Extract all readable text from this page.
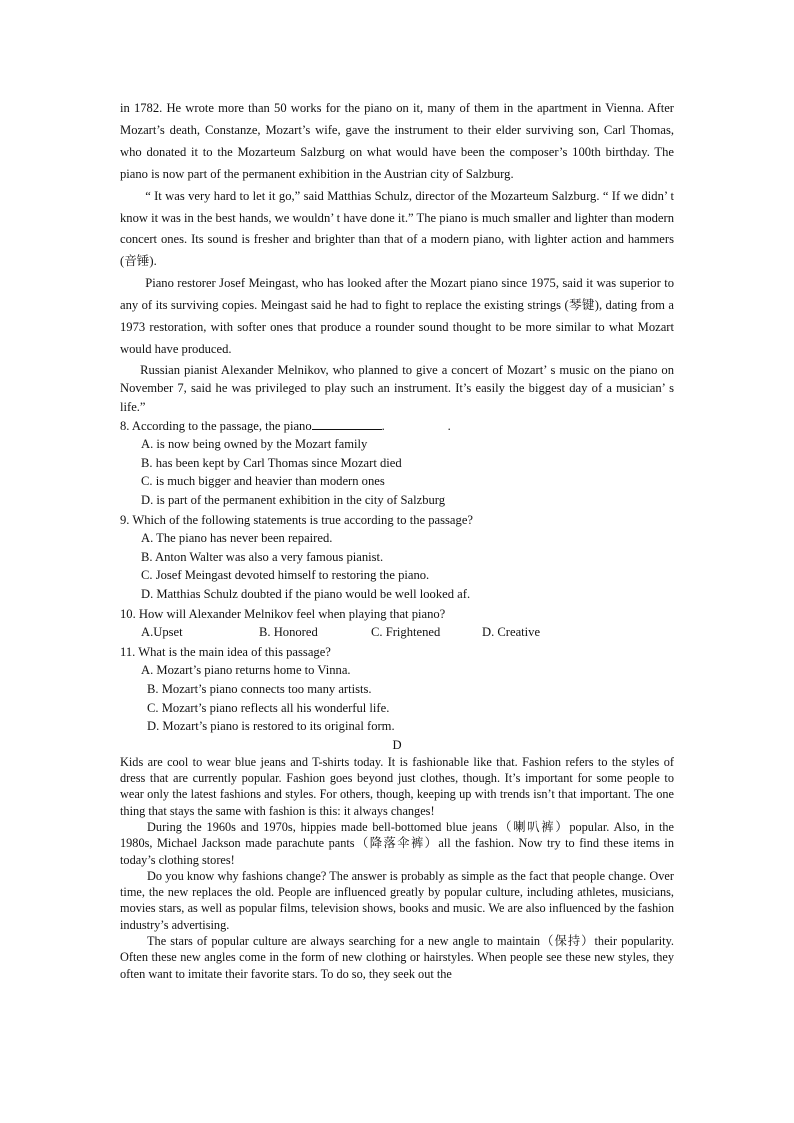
in 1782. He wrote more than 50 works for the piano on it, many of them in the apartment in Vienna. After Mozart’s death, Constanze, Mozart’s wife, gave the instrument to their elder surviving son, Carl Thomas, who donated it to the Mozarteum Salzburg on what would have been the composer’s 100th birthday. The piano is now part of the permanent exhibition in the Austrian city of Salzburg.

“ It was very hard to let it go,” said Matthias Schulz, director of the Mozarteum Salzburg. “ If we didn’ t know it was in the best hands, we wouldn’ t have done it.” The piano is much smaller and lighter than modern concert ones. Its sound is fresher and brighter than that of a modern piano, with lighter action and hammers (音锤).

Piano restorer Josef Meingast, who has looked after the Mozart piano since 1975, said it was superior to any of its surviving copies. Meingast said he had to fight to replace the existing strings (琴键), dating from a 1973 restoration, with softer ones that produce a rounder sound thought to be more similar to what Mozart would have produced.

Russian pianist Alexander Melnikov, who planned to give a concert of Mozart’ s music on the piano on November 7, said he was privileged to play such an instrument. It’s easily the biggest day of a musician’ s life.”

8. According to the passage, the piano	.	.

A. is now being owned by the Mozart family

B. has been kept by Carl Thomas since Mozart died

C. is much bigger and heavier than modern ones

D. is part of the permanent exhibition in the city of Salzburg

9. Which of the following statements is true according to the passage?

A. The piano has never been repaired.

B. Anton Walter was also a very famous pianist.

C. Josef Meingast devoted himself to restoring the piano.

D. Matthias Schulz doubted if the piano would be well looked af.

10. How will Alexander Melnikov feel when playing that piano?

A.Upset	B. Honored	C. Frightened	D. Creative

11. What is the main idea of this passage?

A. Mozart’s piano returns home to Vinna.

B. Mozart’s piano connects too many artists.

C. Mozart’s piano reflects all his wonderful life.

D. Mozart’s piano is restored to its original form.

D

Kids are cool to wear blue jeans and T-shirts today. It is fashionable like that. Fashion refers to the styles of dress that are currently popular. Fashion goes beyond just clothes, though. It’s important for some people to wear only the latest fashions and styles. For others, though, keeping up with trends isn’t that important. The one thing that stays the same with fashion is this: it always changes!

During the 1960s and 1970s, hippies made bell-bottomed blue jeans（喇叭裤）popular. Also, in the 1980s, Michael Jackson made parachute pants（降落伞裤）all the fashion. Now try to find these items in today’s clothing stores!

Do you know why fashions change? The answer is probably as simple as the fact that people change. Over time, the new replaces the old. People are influenced greatly by popular culture, including athletes, musicians, movies stars, as well as popular films, television shows, books and music. We are also influenced by the fashion industry’s advertising.

The stars of popular culture are always searching for a new angle to maintain（保持）their popularity. Often these new angles come in the form of new clothing or hairstyles. When people see these new styles, they often want to imitate their favorite stars. To do so, they seek out the
